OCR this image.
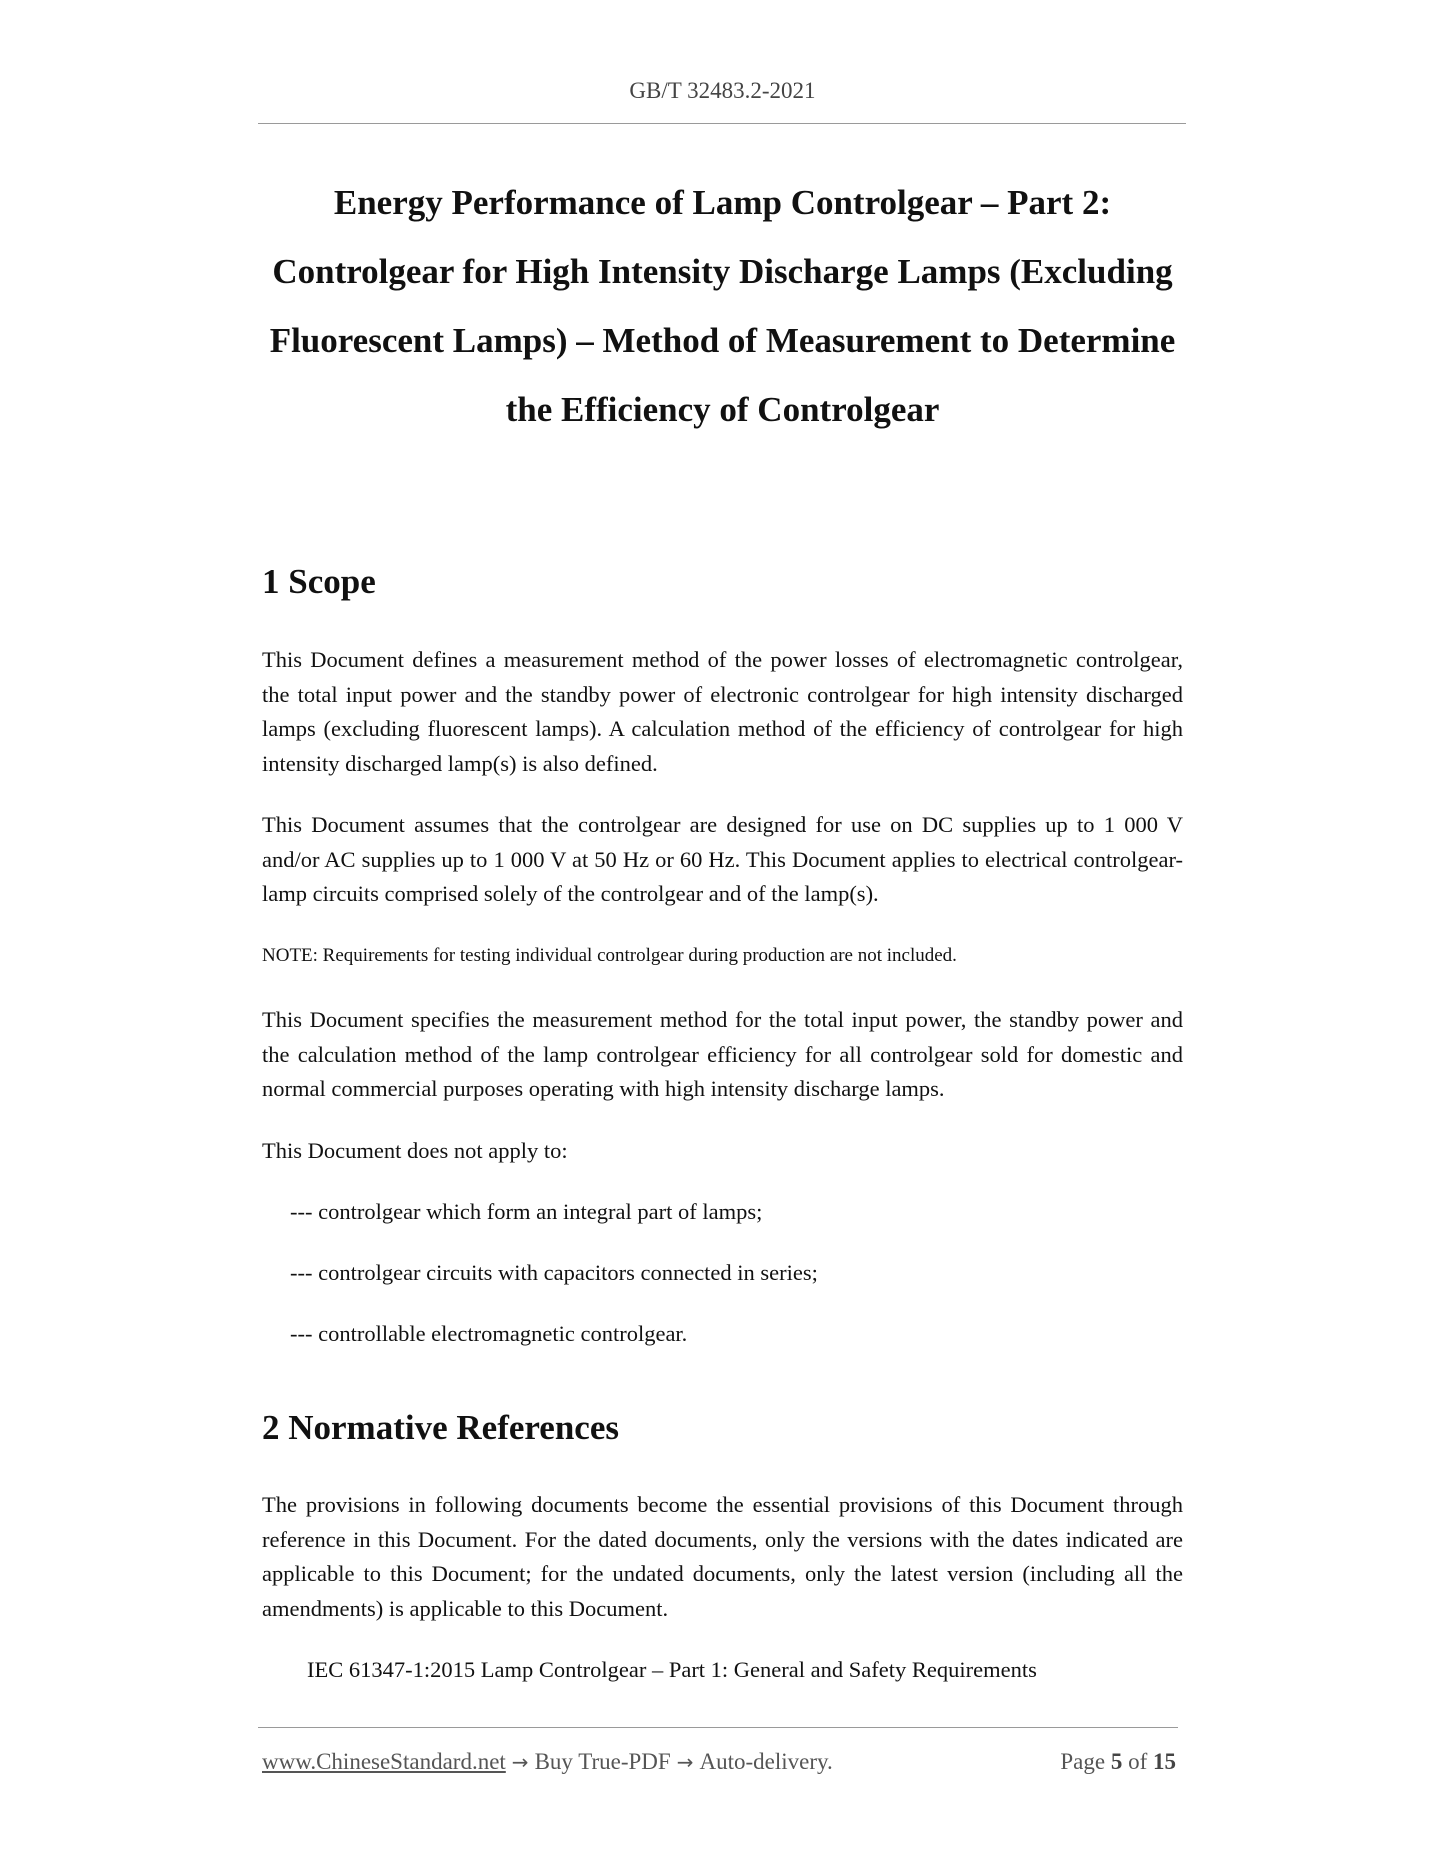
GB/T 32483.2-2021
Energy Performance of Lamp Controlgear – Part 2:
Controlgear for High Intensity Discharge Lamps (Excluding
Fluorescent Lamps) – Method of Measurement to Determine
the Efficiency of Controlgear
1 Scope

This Document defines a measurement method of the power losses of electromagnetic controlgear, the total input power and the standby power of electronic controlgear for high intensity discharged lamps (excluding fluorescent lamps). A calculation method of the efficiency of controlgear for high intensity discharged lamp(s) is also defined.

This Document assumes that the controlgear are designed for use on DC supplies up to 1 000 V and/or AC supplies up to 1 000 V at 50 Hz or 60 Hz. This Document applies to electrical controlgear-lamp circuits comprised solely of the controlgear and of the lamp(s).

NOTE: Requirements for testing individual controlgear during production are not included.

This Document specifies the measurement method for the total input power, the standby power and the calculation method of the lamp controlgear efficiency for all controlgear sold for domestic and normal commercial purposes operating with high intensity discharge lamps.

This Document does not apply to:

--- controlgear which form an integral part of lamps;

--- controlgear circuits with capacitors connected in series;

--- controllable electromagnetic controlgear.

2 Normative References

The provisions in following documents become the essential provisions of this Document through reference in this Document. For the dated documents, only the versions with the dates indicated are applicable to this Document; for the undated documents, only the latest version (including all the amendments) is applicable to this Document.

IEC 61347-1:2015 Lamp Controlgear – Part 1: General and Safety Requirements

www.ChineseStandard.net → Buy True-PDF → Auto-delivery.	Page 5 of 15
